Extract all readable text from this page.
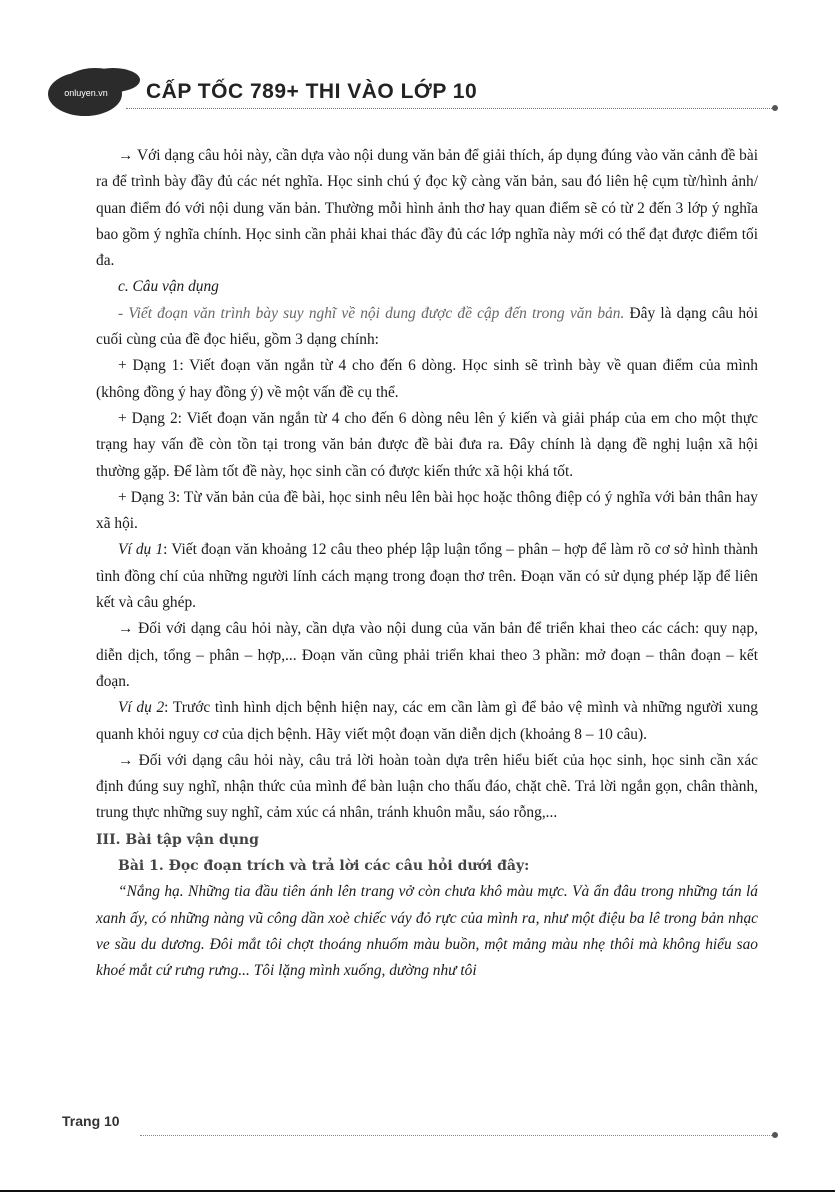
onluyen.vn	CẤP TỐC 789+ THI VÀO LỚP 10

→ Với dạng câu hỏi này, cần dựa vào nội dung văn bản để giải thích, áp dụng đúng vào văn cảnh đề bài ra để trình bày đầy đủ các nét nghĩa. Học sinh chú ý đọc kỹ càng văn bản, sau đó liên hệ cụm từ/hình ảnh/ quan điểm đó với nội dung văn bản. Thường mỗi hình ảnh thơ hay quan điểm sẽ có từ 2 đến 3 lớp ý nghĩa bao gồm ý nghĩa chính. Học sinh cần phải khai thác đầy đủ các lớp nghĩa này mới có thể đạt được điểm tối đa.

c. Câu vận dụng

- Viết đoạn văn trình bày suy nghĩ về nội dung được đề cập đến trong văn bản. Đây là dạng câu hỏi cuối cùng của đề đọc hiểu, gồm 3 dạng chính:

+ Dạng 1: Viết đoạn văn ngắn từ 4 cho đến 6 dòng. Học sinh sẽ trình bày về quan điểm của mình (không đồng ý hay đồng ý) về một vấn đề cụ thể.

+ Dạng 2: Viết đoạn văn ngắn từ 4 cho đến 6 dòng nêu lên ý kiến và giải pháp của em cho một thực trạng hay vấn đề còn tồn tại trong văn bản được đề bài đưa ra. Đây chính là dạng đề nghị luận xã hội thường gặp. Để làm tốt đề này, học sinh cần có được kiến thức xã hội khá tốt.

+ Dạng 3: Từ văn bản của đề bài, học sinh nêu lên bài học hoặc thông điệp có ý nghĩa với bản thân hay xã hội.

Ví dụ 1: Viết đoạn văn khoảng 12 câu theo phép lập luận tổng – phân – hợp để làm rõ cơ sở hình thành tình đồng chí của những người lính cách mạng trong đoạn thơ trên. Đoạn văn có sử dụng phép lặp để liên kết và câu ghép.

→ Đối với dạng câu hỏi này, cần dựa vào nội dung của văn bản để triển khai theo các cách: quy nạp, diễn dịch, tổng – phân – hợp,... Đoạn văn cũng phải triển khai theo 3 phần: mở đoạn – thân đoạn – kết đoạn.

Ví dụ 2: Trước tình hình dịch bệnh hiện nay, các em cần làm gì để bảo vệ mình và những người xung quanh khỏi nguy cơ của dịch bệnh. Hãy viết một đoạn văn diễn dịch (khoảng 8 – 10 câu).

→ Đối với dạng câu hỏi này, câu trả lời hoàn toàn dựa trên hiểu biết của học sinh, học sinh cần xác định đúng suy nghĩ, nhận thức của mình để bàn luận cho thấu đáo, chặt chẽ. Trả lời ngắn gọn, chân thành, trung thực những suy nghĩ, cảm xúc cá nhân, tránh khuôn mẫu, sáo rỗng,...

III. Bài tập vận dụng

Bài 1. Đọc đoạn trích và trả lời các câu hỏi dưới đây:

“Nắng hạ. Những tia đầu tiên ánh lên trang vở còn chưa khô màu mực. Và ẩn đâu trong những tán lá xanh ấy, có những nàng vũ công dần xoè chiếc váy đỏ rực của mình ra, như một điệu ba lê trong bản nhạc ve sầu du dương. Đôi mắt tôi chợt thoáng nhuốm màu buồn, một mảng màu nhẹ thôi mà không hiểu sao khoé mắt cứ rưng rưng... Tôi lặng mình xuống, dường như tôi

Trang 10
